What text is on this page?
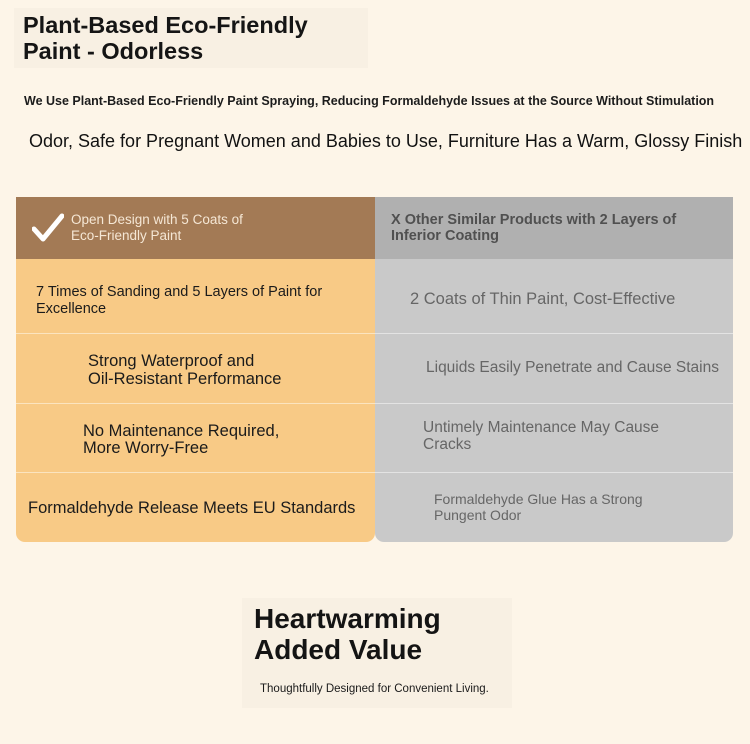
Plant-Based Eco-Friendly
Paint - Odorless
We Use Plant-Based Eco-Friendly Paint Spraying, Reducing Formaldehyde Issues at the Source Without Stimulation
Odor, Safe for Pregnant Women and Babies to Use, Furniture Has a Warm, Glossy Finish
Open Design with 5 Coats of
Eco-Friendly Paint
7 Times of Sanding and 5 Layers of Paint for
Excellence
Strong Waterproof and
Oil-Resistant Performance
No Maintenance Required,
More Worry-Free
Formaldehyde Release Meets EU Standards
X Other Similar Products with 2 Layers of
Inferior Coating
2 Coats of Thin Paint, Cost-Effective
Liquids Easily Penetrate and Cause Stains
Untimely Maintenance May Cause
Cracks
Formaldehyde Glue Has a Strong
Pungent Odor
Heartwarming
Added Value
Thoughtfully Designed for Convenient Living.
